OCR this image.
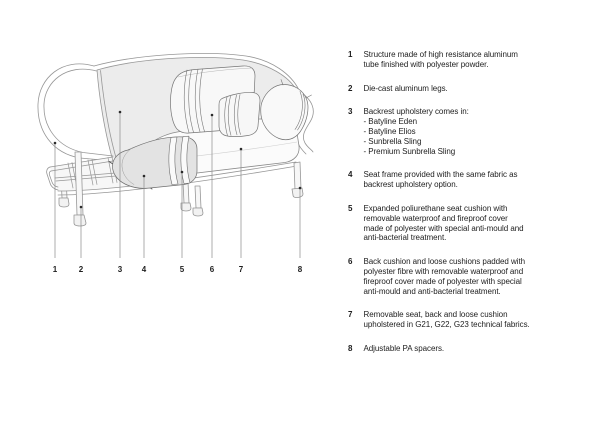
1	2	3 4	5	6	7	8
1	Structure made of high resistance aluminum
tube finished with polyester powder.
2	Die-cast aluminum legs.
3	Backrest upholstery comes in:
- Batyline Eden
- Batyline Elios
- Sunbrella Sling
- Premium Sunbrella Sling
4	Seat frame provided with the same fabric as
backrest upholstery option.
5	Expanded poliurethane seat cushion with
removable waterproof and fireproof cover
made of polyester with special anti-mould and
anti-bacterial treatment.
6	Back cushion and loose cushions padded with
polyester fibre with removable waterproof and
fireproof cover made of polyester with special
anti-mould and anti-bacterial treatment.
7	Removable seat, back and loose cushion
upholstered in G21, G22, G23 technical fabrics.
8	Adjustable PA spacers.
